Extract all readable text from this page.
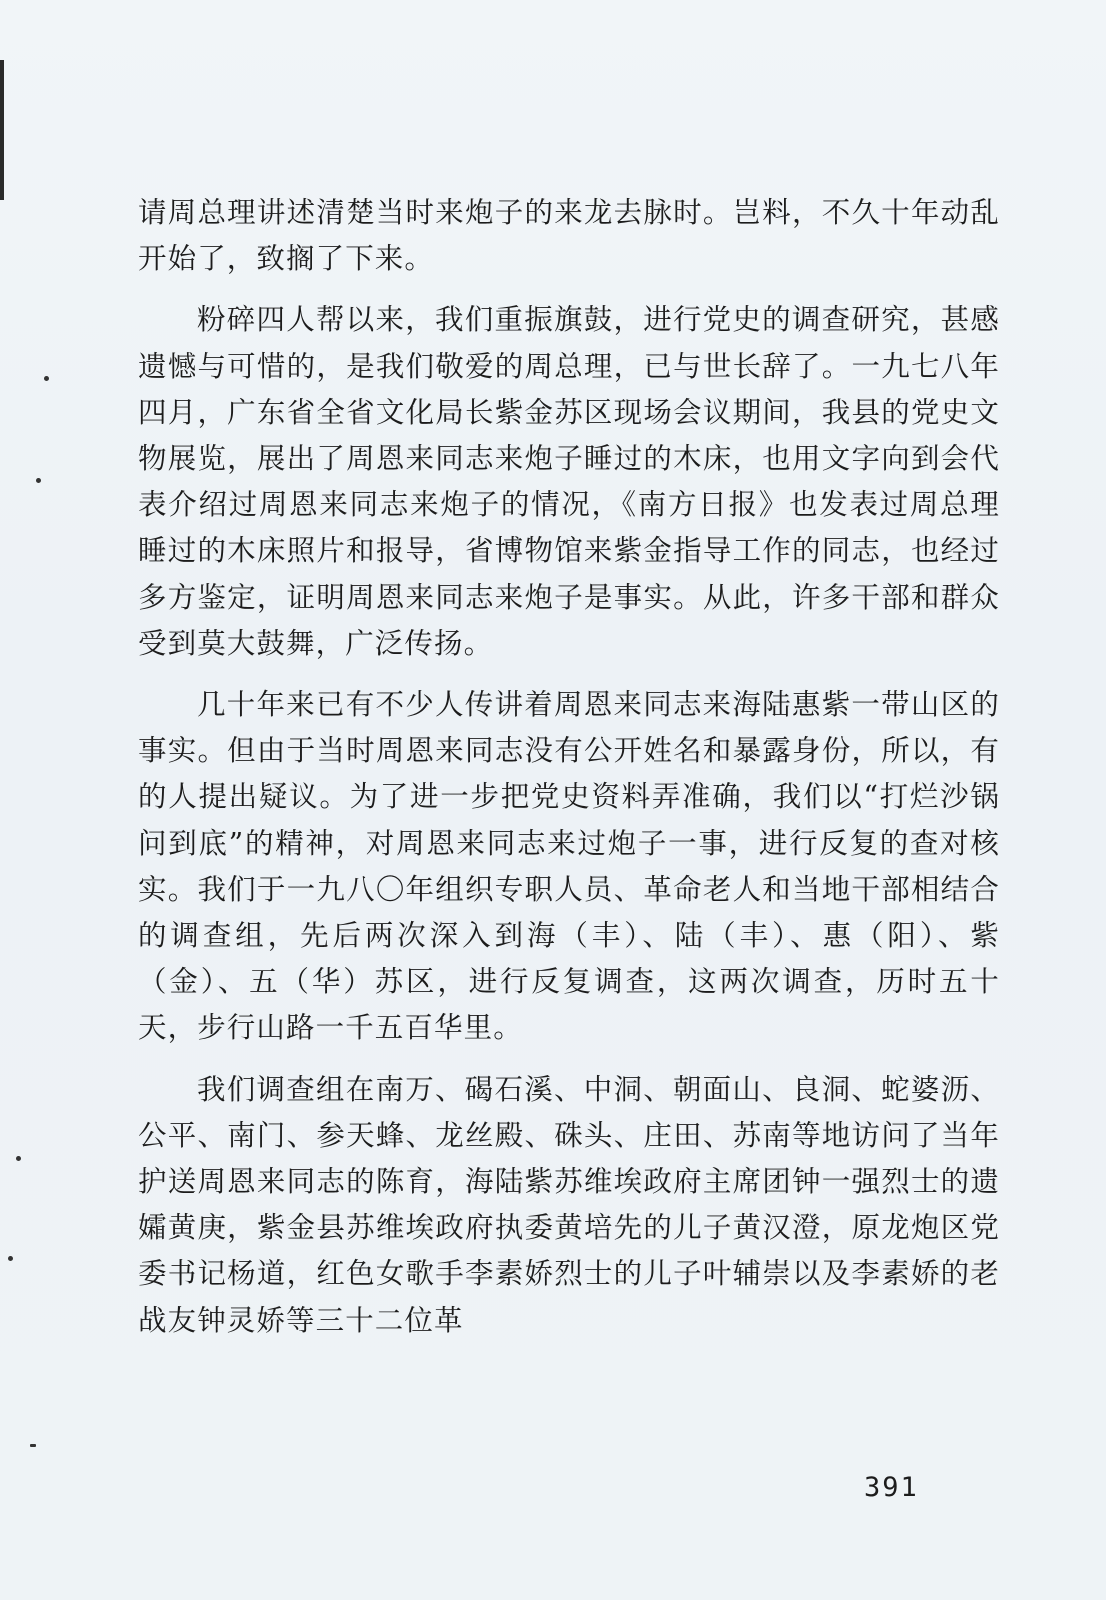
请周总理讲述清楚当时来炮子的来龙去脉时。岂料，不久十年动乱开始了，致搁了下来。

粉碎四人帮以来，我们重振旗鼓，进行党史的调查研究，甚感遗憾与可惜的，是我们敬爱的周总理，已与世长辞了。一九七八年四月，广东省全省文化局长紫金苏区现场会议期间，我县的党史文物展览，展出了周恩来同志来炮子睡过的木床，也用文字向到会代表介绍过周恩来同志来炮子的情况，《南方日报》也发表过周总理睡过的木床照片和报导，省博物馆来紫金指导工作的同志，也经过多方鉴定，证明周恩来同志来炮子是事实。从此，许多干部和群众受到莫大鼓舞，广泛传扬。

几十年来已有不少人传讲着周恩来同志来海陆惠紫一带山区的事实。但由于当时周恩来同志没有公开姓名和暴露身份，所以，有的人提出疑议。为了进一步把党史资料弄准确，我们以“打烂沙锅问到底”的精神，对周恩来同志来过炮子一事，进行反复的查对核实。我们于一九八〇年组织专职人员、革命老人和当地干部相结合的调查组，先后两次深入到海（丰）、陆（丰）、惠（阳）、紫（金）、五（华）苏区，进行反复调查，这两次调查，历时五十天，步行山路一千五百华里。

我们调查组在南万、碣石溪、中洞、朝面山、良洞、蛇婆沥、公平、南门、参天蜂、龙丝殿、硃头、庄田、苏南等地访问了当年护送周恩来同志的陈育，海陆紫苏维埃政府主席团钟一强烈士的遗孀黄庚，紫金县苏维埃政府执委黄培先的儿子黄汉澄，原龙炮区党委书记杨道，红色女歌手李素娇烈士的儿子叶辅崇以及李素娇的老战友钟灵娇等三十二位革

391
